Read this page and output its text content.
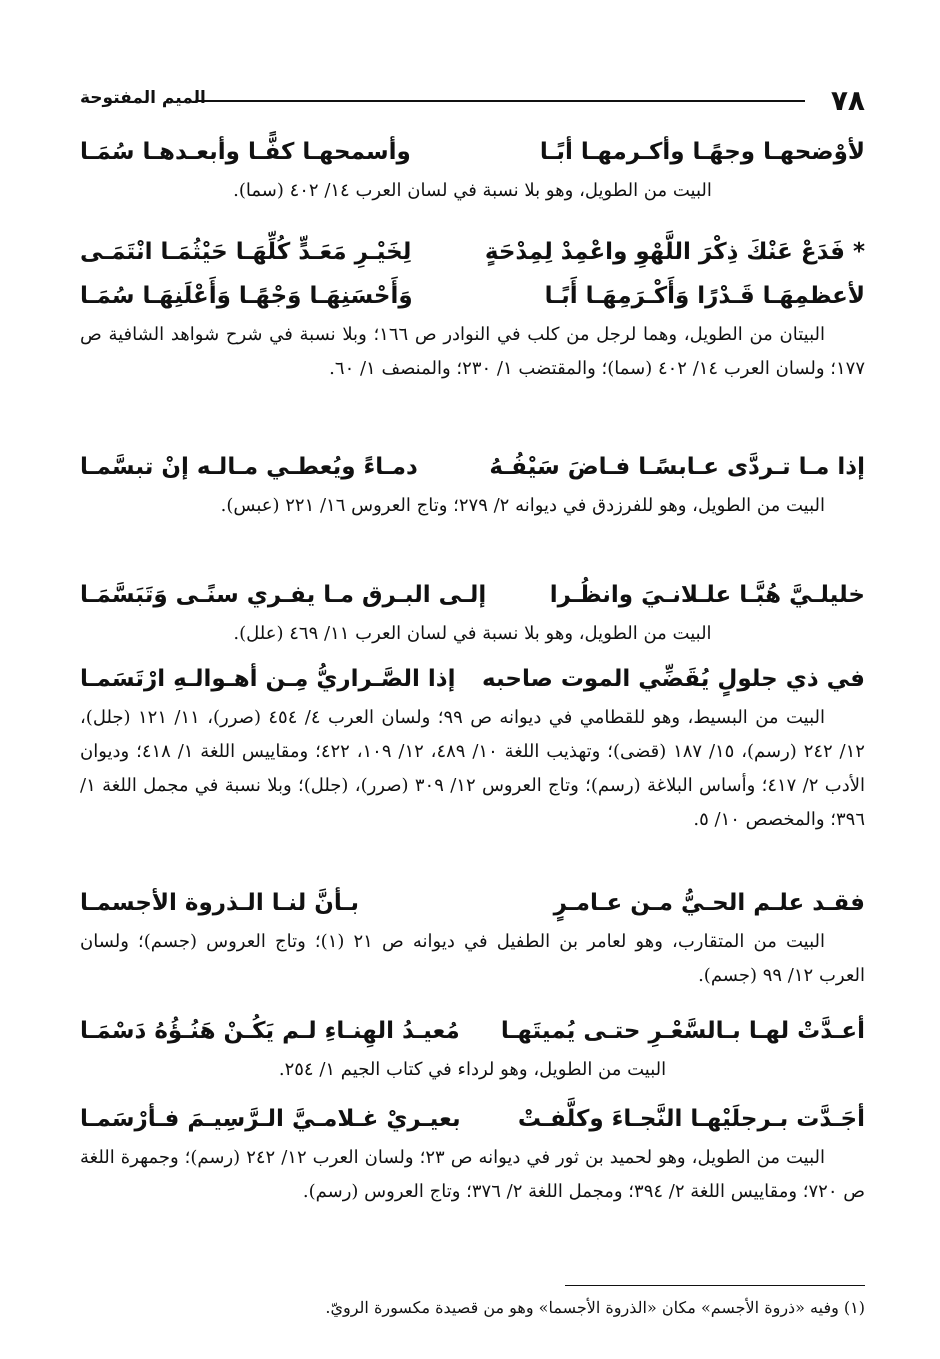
٧٨
الميم المفتوحة
لأوْضحهـا وجهًـا وأكـرمهـا أبًـا
وأسمحهـا كفًّـا وأبعـدهـا سُمَـا

البيت من الطويل، وهو بلا نسبة في لسان العرب ١٤/ ٤٠٢ (سما).

* فَدَعْ عَنْكَ ذِكْرَ اللَّهْوِ واعْمِدْ لِمِدْحَةٍ
لِخَيْـرِ مَعَـدٍّ كُلِّهَـا حَيْثُمَـا انْتَمَـى
لأعظمِهَـا قَـدْرًا وَأَكْـرَمِهَـا أَبًـا
وَأَحْسَنِهَـا وَجْهًـا وَأَعْلَنِهَـا سُمَـا

البيتان من الطويل، وهما لرجل من كلب في النوادر ص ١٦٦؛ وبلا نسبة في شرح شواهد الشافية ص ١٧٧؛ ولسان العرب ١٤/ ٤٠٢ (سما)؛ والمقتضب ١/ ٢٣٠؛ والمنصف ١/ ٦٠.

إذا مـا تـردَّى عـابسًـا فـاضَ سَيْفُـهُ
دمـاءً ويُعطـي مـالـه إنْ تبسَّمـا

البيت من الطويل، وهو للفرزدق في ديوانه ٢/ ٢٧٩؛ وتاج العروس ١٦/ ٢٢١ (عبس).

خليلـيَّ هُبَّـا علـلانـيَ وانظُـرا
إلـى البـرق مـا يفـري سنًـى وَتَبَسَّمَـا

البيت من الطويل، وهو بلا نسبة في لسان العرب ١١/ ٤٦٩ (علل).

في ذي جلولٍ يُقَضِّي الموت صاحبه
إذا الصَّـراريُّ مِـن أهـوالـهِ ارْتَسَمـا

البيت من البسيط، وهو للقطامي في ديوانه ص ٩٩؛ ولسان العرب ٤/ ٤٥٤ (صرر)، ١١/ ١٢١ (جلل)، ١٢/ ٢٤٢ (رسم)، ١٥/ ١٨٧ (قضى)؛ وتهذيب اللغة ١٠/ ٤٨٩، ١٢/ ١٠٩، ٤٢٢؛ ومقاييس اللغة ١/ ٤١٨؛ وديوان الأدب ٢/ ٤١٧؛ وأساس البلاغة (رسم)؛ وتاج العروس ١٢/ ٣٠٩ (صرر)، (جلل)؛ وبلا نسبة في مجمل اللغة ١/ ٣٩٦؛ والمخصص ١٠/ ٥.

فقـد علـم الحـيُّ مـن عـامـرٍ
بـأنَّ لنـا الـذروة الأجسمـا

البيت من المتقارب، وهو لعامر بن الطفيل في ديوانه ص ٢١ (١)؛ وتاج العروس (جسم)؛ ولسان العرب ١٢/ ٩٩ (جسم).

أعـدَّتْ لهـا بـالسَّعْـرِ حتـى يُميتَهـا
مُعيـدُ الهِنـاءِ لـم يَكُـنْ هَنُـؤُهُ دَسْمَـا

البيت من الطويل، وهو لرداء في كتاب الجيم ١/ ٢٥٤.

أجَـدَّت بـرجلَيْهـا النَّجـاءَ وكلَّفـتْ
بعيـريْ غـلامـيَّ الـرَّسِيـمَ فـأرْسَمـا

البيت من الطويل، وهو لحميد بن ثور في ديوانه ص ٢٣؛ ولسان العرب ١٢/ ٢٤٢ (رسم)؛ وجمهرة اللغة ص ٧٢٠؛ ومقاييس اللغة ٢/ ٣٩٤؛ ومجمل اللغة ٢/ ٣٧٦؛ وتاج العروس (رسم).

(١) وفيه «ذروة الأجسم» مكان «الذروة الأجسما» وهو من قصيدة مكسورة الرويّ.
